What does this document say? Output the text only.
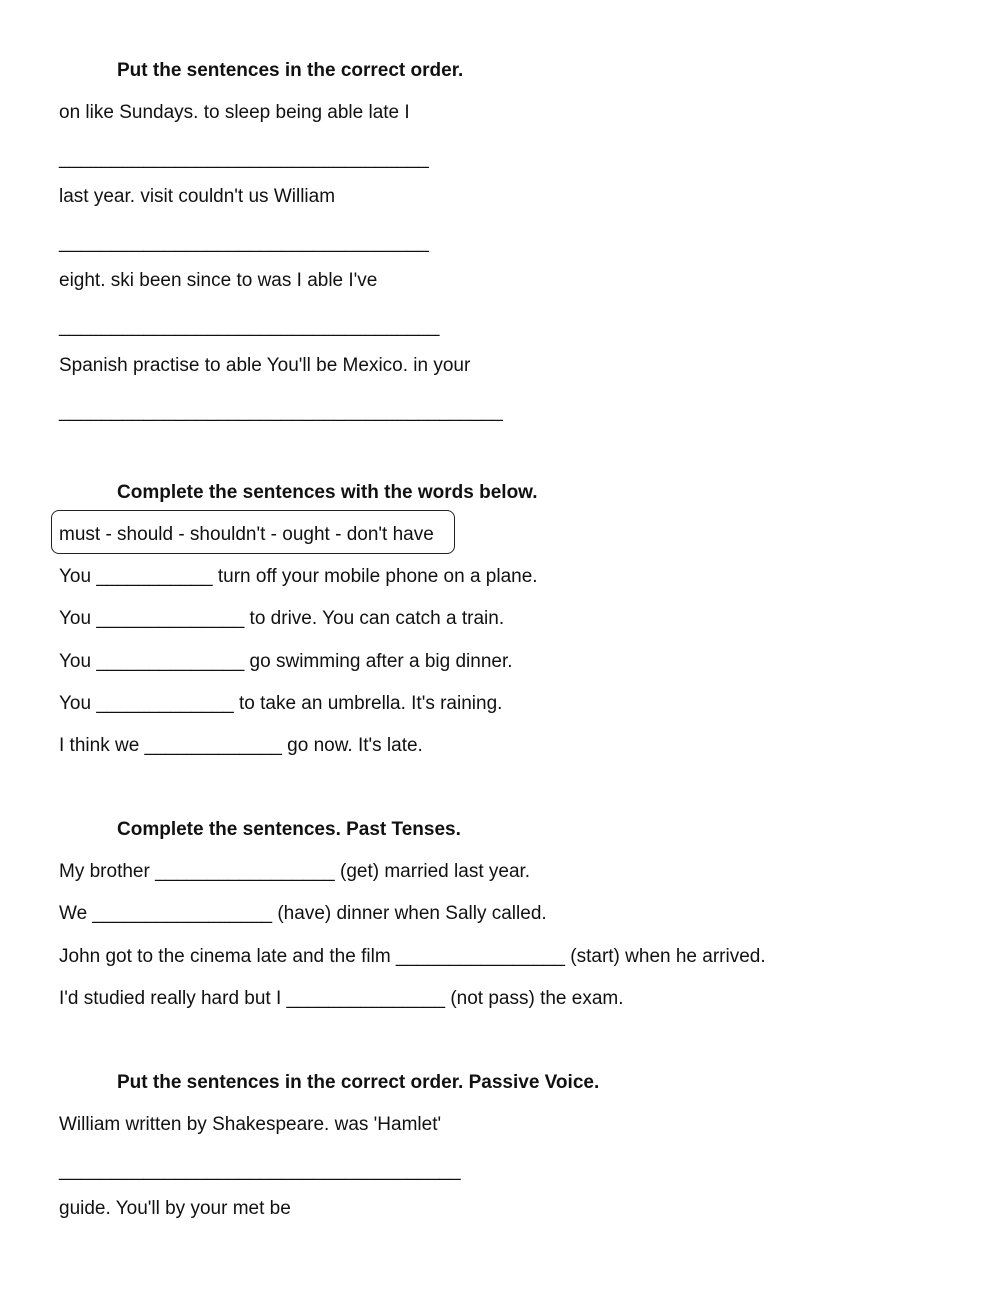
Put the sentences in the correct order.
on like Sundays. to sleep being able late I
___________________________________
last year. visit couldn't us William
___________________________________
eight. ski been since to was I able I've
____________________________________
Spanish practise to able You'll be Mexico. in your
__________________________________________
Complete the sentences with the words below.
must - should - shouldn't - ought - don't have
You ___________ turn off your mobile phone on a plane.
You ______________ to drive. You can catch a train.
You ______________ go swimming after a big dinner.
You _____________ to take an umbrella. It's raining.
I think we _____________ go now. It's late.
Complete the sentences. Past Tenses.
My brother _________________ (get) married last year.
We _________________ (have) dinner when Sally called.
John got to the cinema late and the film ________________ (start) when he arrived.
I'd studied really hard but I _______________ (not pass) the exam.
Put the sentences in the correct order. Passive Voice.
William written by Shakespeare. was 'Hamlet'
______________________________________
guide. You'll by your met be
